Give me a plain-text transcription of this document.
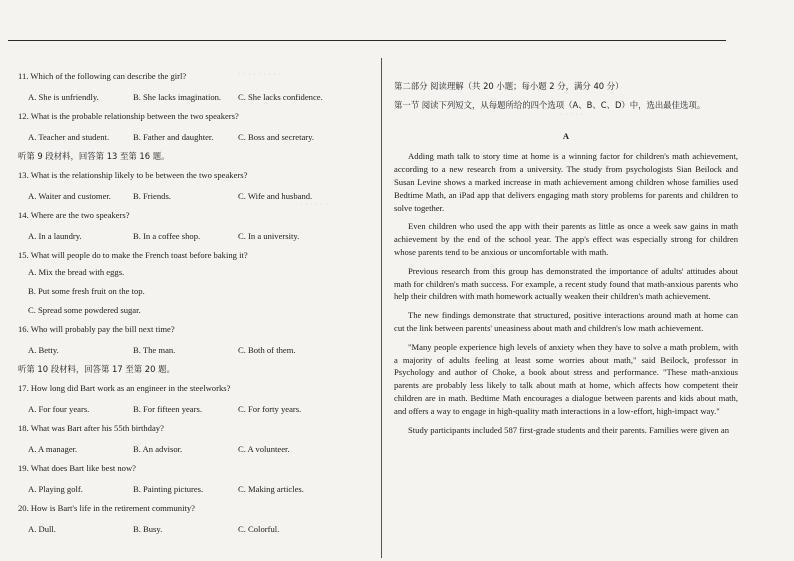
· · · · · · · · ·
· · · · · ·
· · · · ·

11. Which of the following can describe the girl?

A. She is unfriendly.	B. She lacks imagination.	C. She lacks confidence.

12. What is the probable relationship between the two speakers?

A. Teacher and student.	B. Father and daughter.	C. Boss and secretary.

听第 9 段材料，回答第 13 至第 16 题。

13. What is the relationship likely to be between the two speakers?

A. Waiter and customer.	B. Friends.	C. Wife and husband.

14. Where are the two speakers?

A. In a laundry.	B. In a coffee shop.	C. In a university.

15. What will people do to make the French toast before baking it?

A. Mix the bread with eggs.

B. Put some fresh fruit on the top.

C. Spread some powdered sugar.

16. Who will probably pay the bill next time?

A. Betty.	B. The man.	C. Both of them.

听第 10 段材料，回答第 17 至第 20 题。

17. How long did Bart work as an engineer in the steelworks?

A. For four years.	B. For fifteen years.	C. For forty years.

18. What was Bart after his 55th birthday?

A. A manager.	B. An advisor.	C. A volunteer.

19. What does Bart like best now?

A. Playing golf.	B. Painting pictures.	C. Making articles.

20. How is Bart's life in the retirement community?

A. Dull.	B. Busy.	C. Colorful.

第二部分 阅读理解（共 20 小题；每小题 2 分，满分 40 分）

第一节 阅读下列短文，从每题所给的四个选项（A、B、C、D）中，选出最佳选项。

A

Adding math talk to story time at home is a winning factor for children's math achievement, according to a new research from a university. The study from psychologists Sian Beilock and Susan Levine shows a marked increase in math achievement among children whose families used Bedtime Math, an iPad app that delivers engaging math story problems for parents and children to solve together.

Even children who used the app with their parents as little as once a week saw gains in math achievement by the end of the school year. The app's effect was especially strong for children whose parents tend to be anxious or uncomfortable with math.

Previous research from this group has demonstrated the importance of adults' attitudes about math for children's math success. For example, a recent study found that math-anxious parents who help their children with math homework actually weaken their children's math achievement.

The new findings demonstrate that structured, positive interactions around math at home can cut the link between parents' uneasiness about math and children's low math achievement.

"Many people experience high levels of anxiety when they have to solve a math problem, with a majority of adults feeling at least some worries about math," said Beilock, professor in Psychology and author of Choke, a book about stress and performance. "These math-anxious parents are probably less likely to talk about math at home, which affects how competent their children are in math. Bedtime Math encourages a dialogue between parents and kids about math, and offers a way to engage in high-quality math interactions in a low-effort, high-impact way."

Study participants included 587 first-grade students and their parents. Families were given an
